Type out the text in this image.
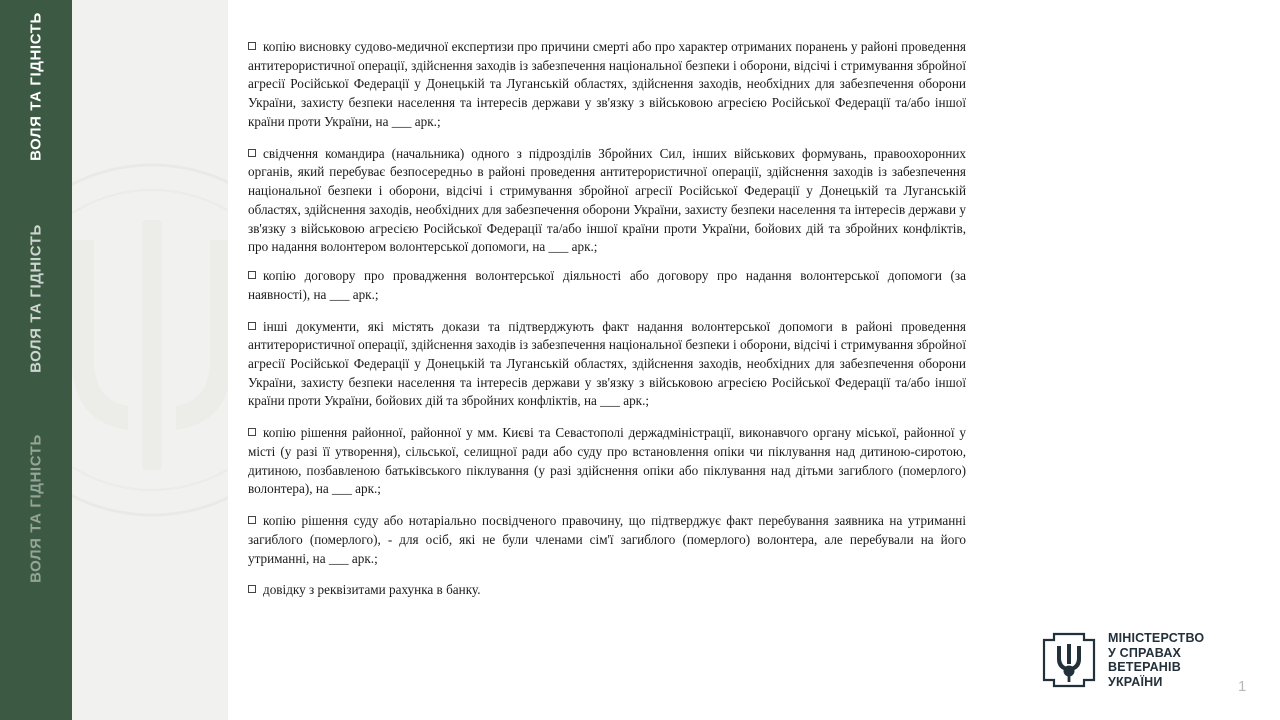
ВОЛЯ ТА ГІДНІСТЬ
ВОЛЯ ТА ГІДНІСТЬ
ВОЛЯ ТА ГІДНІСТЬ

копію висновку судово-медичної експертизи про причини смерті або про характер отриманих поранень у районі проведення антитерористичної операції, здійснення заходів із забезпечення національної безпеки і оборони, відсічі і стримування збройної агресії Російської Федерації у Донецькій та Луганській областях, здійснення заходів, необхідних для забезпечення оборони України, захисту безпеки населення та інтересів держави у зв'язку з військовою агресією Російської Федерації та/або іншої країни проти України, на ___ арк.;

свідчення командира (начальника) одного з підрозділів Збройних Сил, інших військових формувань, правоохоронних органів, який перебуває безпосередньо в районі проведення антитерористичної операції, здійснення заходів із забезпечення національної безпеки і оборони, відсічі і стримування збройної агресії Російської Федерації у Донецькій та Луганській областях, здійснення заходів, необхідних для забезпечення оборони України, захисту безпеки населення та інтересів держави у зв'язку з військовою агресією Російської Федерації та/або іншої країни проти України, бойових дій та збройних конфліктів, про надання волонтером волонтерської допомоги, на ___ арк.;

копію договору про провадження волонтерської діяльності або договору про надання волонтерської допомоги (за наявності), на ___ арк.;

інші документи, які містять докази та підтверджують факт надання волонтерської допомоги в районі проведення антитерористичної операції, здійснення заходів із забезпечення національної безпеки і оборони, відсічі і стримування збройної агресії Російської Федерації у Донецькій та Луганській областях, здійснення заходів, необхідних для забезпечення оборони України, захисту безпеки населення та інтересів держави у зв'язку з військовою агресією Російської Федерації та/або іншої країни проти України, бойових дій та збройних конфліктів, на ___ арк.;

копію рішення районної, районної у мм. Києві та Севастополі держадміністрації, виконавчого органу міської, районної у місті (у разі її утворення), сільської, селищної ради або суду про встановлення опіки чи піклування над дитиною-сиротою, дитиною, позбавленою батьківського піклування (у разі здійснення опіки або піклування над дітьми загиблого (померлого) волонтера), на ___ арк.;

копію рішення суду або нотаріально посвідченого правочину, що підтверджує факт перебування заявника на утриманні загиблого (померлого), - для осіб, які не були членами сім'ї загиблого (померлого) волонтера, але перебували на його утриманні, на ___ арк.;

довідку з реквізитами рахунка в банку.

МІНІСТЕРСТВО
У СПРАВАХ
ВЕТЕРАНІВ
УКРАЇНИ	1
